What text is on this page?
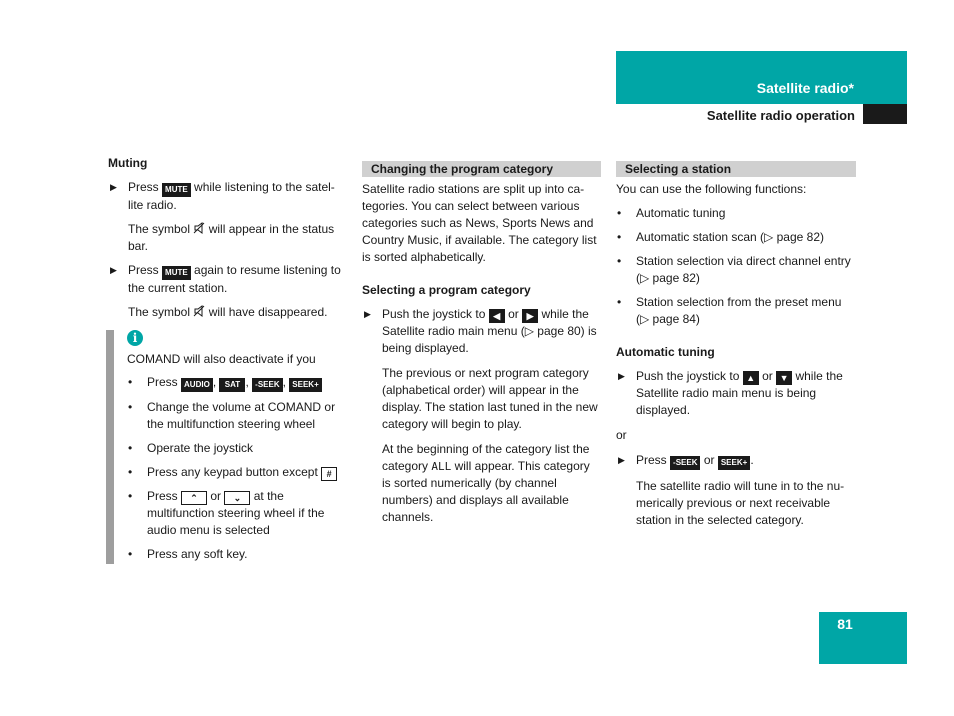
Satellite radio*
Satellite radio operation

Muting

▶ Press MUTE while listening to the satel-lite radio.
The symbol will appear in the status bar.
▶ Press MUTE again to resume listening to the current station.
The symbol will have disappeared.
i

COMAND will also deactivate if you

• Press AUDIO , SAT , -SEEK , SEEK+
• Change the volume at COMAND or the multifunction steering wheel
• Operate the joystick
• Press any keypad button except #
• Press ⌃ or ⌄ at the multifunction steering wheel if the audio menu is selected
• Press any soft key.
Changing the program category

Satellite radio stations are split up into ca-tegories. You can select between various categories such as News, Sports News and Country Music, if available. The category list is sorted alphabetically.

Selecting a program category

▶ Push the joystick to ◀ or ▶ while the Satellite radio main menu (▷ page 80) is being displayed.

The previous or next program category (alphabetical order) will appear in the display. The station last tuned in the new category will begin to play.

At the beginning of the category list the category ALL will appear. This category is sorted numerically (by channel numbers) and displays all available channels.
Selecting a station

You can use the following functions:

• Automatic tuning
• Automatic station scan (▷ page 82)
• Station selection via direct channel entry (▷ page 82)
• Station selection from the preset menu (▷ page 84)

Automatic tuning

▶ Push the joystick to ▲ or ▼ while the Satellite radio main menu is being displayed.

or

▶ Press -SEEK or SEEK+ .

The satellite radio will tune in to the nu-merically previous or next receivable station in the selected category.

81
